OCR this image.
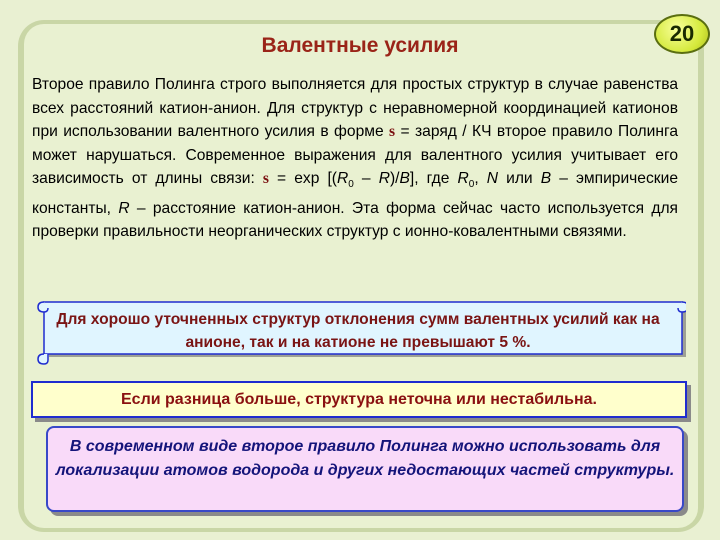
Валентные усилия	20
Второе правило Полинга строго выполняется для простых структур в случае равенства всех расстояний катион-анион. Для структур с неравномерной координацией катионов при использовании валентного усилия в форме s = заряд / КЧ второе правило Полинга может нарушаться. Современное выражения для валентного усилия учитывает его зависимость от длины связи: $s = \exp [(R_0 - R)/B]$, где $R_0$, N или B – эмпирические константы, R – расстояние катион-анион. Эта форма сейчас часто используется для проверки правильности неорганических структур с ионно-ковалентными связями.
Для хорошо уточненных структур отклонения сумм валентных усилий как на анионе, так и на катионе не превышают 5 %.
Если разница больше, структура неточна или нестабильна.
В современном виде второе правило Полинга можно использовать для локализации атомов водорода и других недостающих частей структуры.
